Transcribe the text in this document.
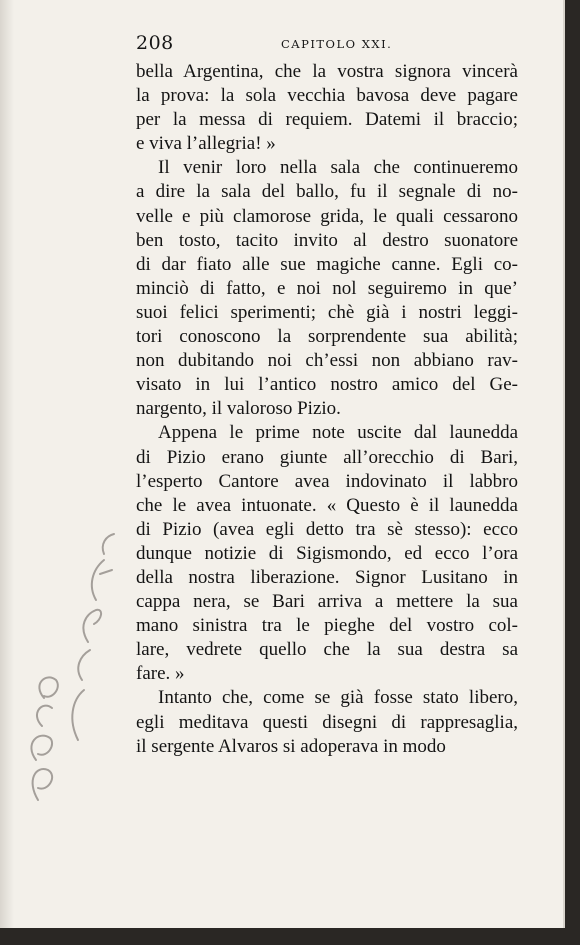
208	CAPITOLO XXI.
bella Argentina, che la vostra signora vincerà
la prova: la sola vecchia bavosa deve pagare
per la messa di requiem. Datemi il braccio;
e viva l’allegria! »
Il venir loro nella sala che continueremo
a dire la sala del ballo, fu il segnale di no-
velle e più clamorose grida, le quali cessarono
ben tosto, tacito invito al destro suonatore
di dar fiato alle sue magiche canne. Egli co-
minciò di fatto, e noi nol seguiremo in que’
suoi felici sperimenti; chè già i nostri leggi-
tori conoscono la sorprendente sua abilità;
non dubitando noi ch’essi non abbiano rav-
visato in lui l’antico nostro amico del Ge-
nargento, il valoroso Pizio.
Appena le prime note uscite dal launedda
di Pizio erano giunte all’orecchio di Bari,
l’esperto Cantore avea indovinato il labbro
che le avea intuonate. « Questo è il launedda
di Pizio (avea egli detto tra sè stesso): ecco
dunque notizie di Sigismondo, ed ecco l’ora
della nostra liberazione. Signor Lusitano in
cappa nera, se Bari arriva a mettere la sua
mano sinistra tra le pieghe del vostro col-
lare, vedrete quello che la sua destra sa
fare. »
Intanto che, come se già fosse stato libero,
egli meditava questi disegni di rappresaglia,
il sergente Alvaros si adoperava in modo
